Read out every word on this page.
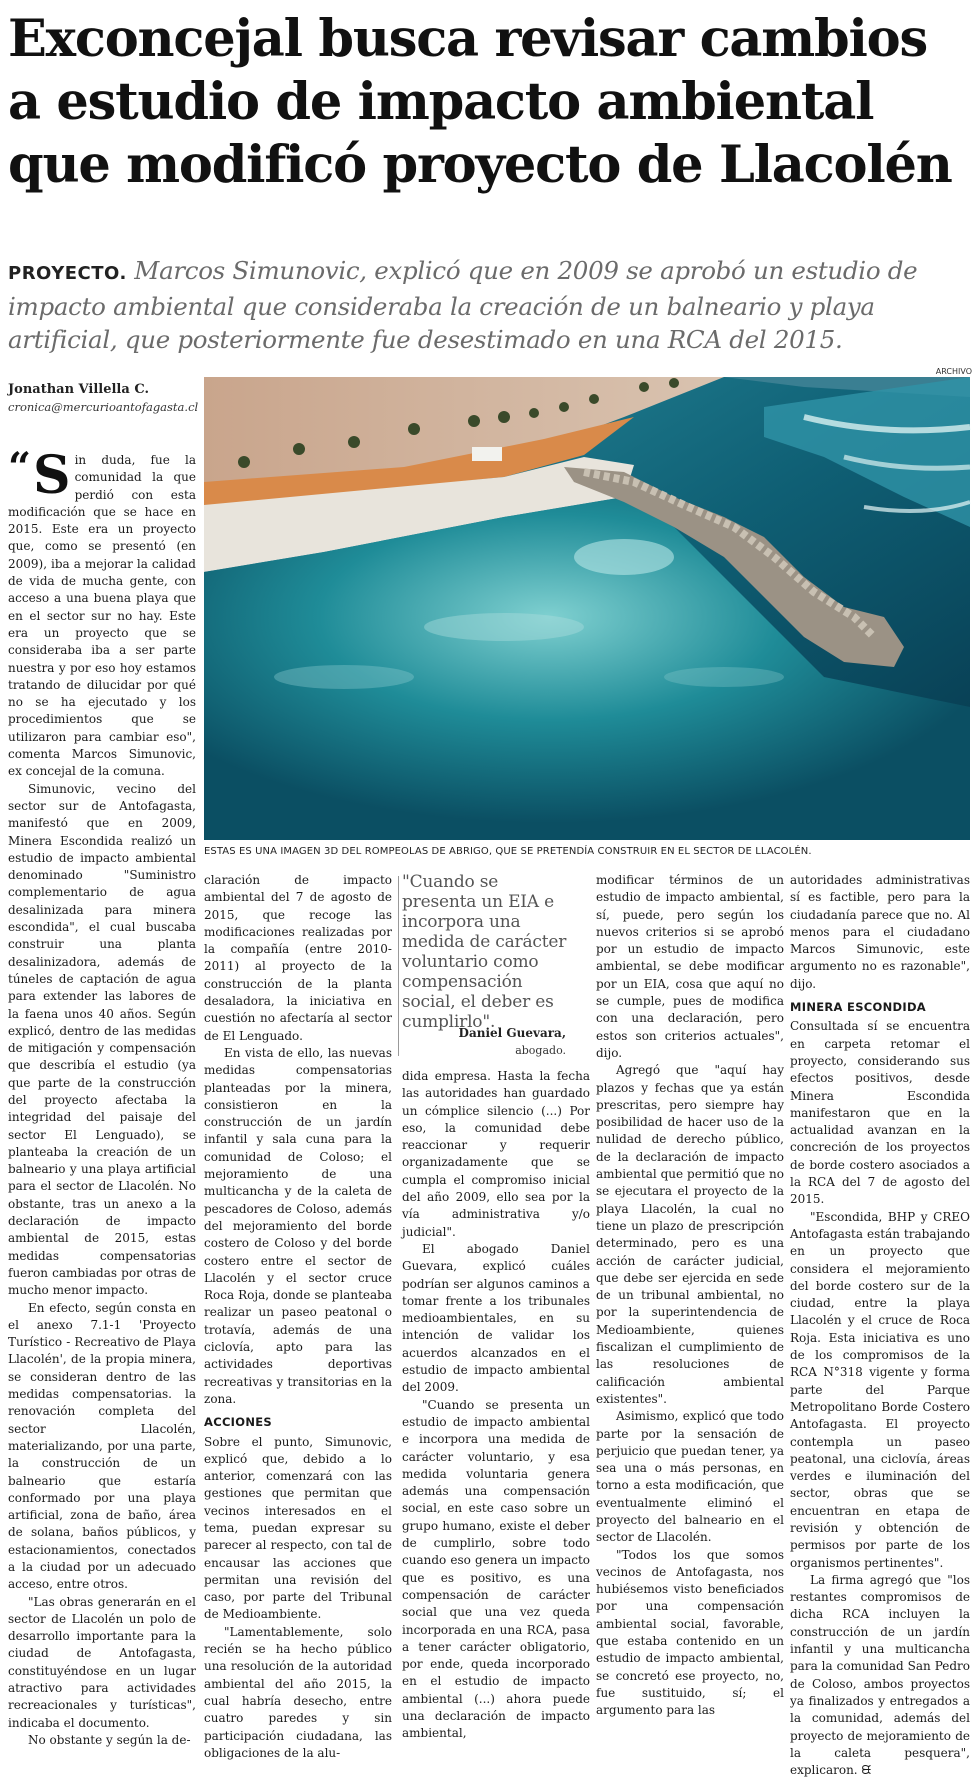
Exconcejal busca revisar cambios
a estudio de impacto ambiental
que modificó proyecto de Llacolén
PROYECTO. Marcos Simunovic, explicó que en 2009 se aprobó un estudio de impacto ambiental que consideraba la creación de un balneario y playa artificial, que posteriormente fue desestimado en una RCA del 2015.
Jonathan Villella C.
cronica@mercurioantofagasta.cl
ARCHIVO
ESTAS ES UNA IMAGEN 3D DEL ROMPEOLAS DE ABRIGO, QUE SE PRETENDÍA CONSTRUIR EN EL SECTOR DE LLACOLÉN.

“ S in duda, fue la comunidad la que perdió con esta modificación que se hace en 2015. Este era un proyecto que, como se presentó (en 2009), iba a mejorar la calidad de vida de mucha gente, con acceso a una buena playa que en el sector sur no hay. Este era un proyecto que se consideraba iba a ser parte nuestra y por eso hoy estamos tratando de dilucidar por qué no se ha ejecutado y los procedimientos que se utilizaron para cambiar eso", comenta Marcos Simunovic, ex concejal de la comuna.

Simunovic, vecino del sector sur de Antofagasta, manifestó que en 2009, Minera Escondida realizó un estudio de impacto ambiental denominado "Suministro complementario de agua desalinizada para minera escondida", el cual buscaba construir una planta desalinizadora, además de túneles de captación de agua para extender las labores de la faena unos 40 años. Según explicó, dentro de las medidas de mitigación y compensación que describía el estudio (ya que parte de la construcción del proyecto afectaba la integridad del paisaje del sector El Lenguado), se planteaba la creación de un balneario y una playa artificial para el sector de Llacolén. No obstante, tras un anexo a la declaración de impacto ambiental de 2015, estas medidas compensatorias fueron cambiadas por otras de mucho menor impacto.

En efecto, según consta en el anexo 7.1-1 'Proyecto Turístico - Recreativo de Playa Llacolén', de la propia minera, se consideran dentro de las medidas compensatorias. la renovación completa del sector Llacolén, materializando, por una parte, la construcción de un balneario que estaría conformado por una playa artificial, zona de baño, área de solana, baños públicos, y estacionamientos, conectados a la ciudad por un adecuado acceso, entre otros.

"Las obras generarán en el sector de Llacolén un polo de desarrollo importante para la ciudad de Antofagasta, constituyéndose en un lugar atractivo para actividades recreacionales y turísticas", indicaba el documento.

No obstante y según la de-

claración de impacto ambiental del 7 de agosto de 2015, que recoge las modificaciones realizadas por la compañía (entre 2010-2011) al proyecto de la construcción de la planta desaladora, la iniciativa en cuestión no afectaría al sector de El Lenguado.

En vista de ello, las nuevas medidas compensatorias planteadas por la minera, consistieron en la construcción de un jardín infantil y sala cuna para la comunidad de Coloso; el mejoramiento de una multicancha y de la caleta de pescadores de Coloso, además del mejoramiento del borde costero de Coloso y del borde costero entre el sector de Llacolén y el sector cruce Roca Roja, donde se planteaba realizar un paseo peatonal o trotavía, además de una ciclovía, apto para las actividades deportivas recreativas y transitorias en la zona.

ACCIONES

Sobre el punto, Simunovic, explicó que, debido a lo anterior, comenzará con las gestiones que permitan que vecinos interesados en el tema, puedan expresar su parecer al respecto, con tal de encausar las acciones que permitan una revisión del caso, por parte del Tribunal de Medioambiente.

"Lamentablemente, solo recién se ha hecho público una resolución de la autoridad ambiental del año 2015, la cual habría desecho, entre cuatro paredes y sin participación ciudadana, las obligaciones de la alu-

"Cuando se presenta un EIA e incorpora una medida de carácter voluntario como compensación social, el deber es cumplirlo".
Daniel Guevara,
abogado.

dida empresa. Hasta la fecha las autoridades han guardado un cómplice silencio (...) Por eso, la comunidad debe reaccionar y requerir organizadamente que se cumpla el compromiso inicial del año 2009, ello sea por la vía administrativa y/o judicial".

El abogado Daniel Guevara, explicó cuáles podrían ser algunos caminos a tomar frente a los tribunales medioambientales, en su intención de validar los acuerdos alcanzados en el estudio de impacto ambiental del 2009.

"Cuando se presenta un estudio de impacto ambiental e incorpora una medida de carácter voluntario, y esa medida voluntaria genera además una compensación social, en este caso sobre un grupo humano, existe el deber de cumplirlo, sobre todo cuando eso genera un impacto que es positivo, es una compensación de carácter social que una vez queda incorporada en una RCA, pasa a tener carácter obligatorio, por ende, queda incorporado en el estudio de impacto ambiental (...) ahora puede una declaración de impacto ambiental,

modificar términos de un estudio de impacto ambiental, sí, puede, pero según los nuevos criterios si se aprobó por un estudio de impacto ambiental, se debe modificar por un EIA, cosa que aquí no se cumple, pues de modifica con una declaración, pero estos son criterios actuales", dijo.

Agregó que "aquí hay plazos y fechas que ya están prescritas, pero siempre hay posibilidad de hacer uso de la nulidad de derecho público, de la declaración de impacto ambiental que permitió que no se ejecutara el proyecto de la playa Llacolén, la cual no tiene un plazo de prescripción determinado, pero es una acción de carácter judicial, que debe ser ejercida en sede de un tribunal ambiental, no por la superintendencia de Medioambiente, quienes fiscalizan el cumplimiento de las resoluciones de calificación ambiental existentes".

Asimismo, explicó que todo parte por la sensación de perjuicio que puedan tener, ya sea una o más personas, en torno a esta modificación, que eventualmente eliminó el proyecto del balneario en el sector de Llacolén.

"Todos los que somos vecinos de Antofagasta, nos hubiésemos visto beneficiados por una compensación ambiental social, favorable, que estaba contenido en un estudio de impacto ambiental, se concretó ese proyecto, no, fue sustituido, sí; el argumento para las

autoridades administrativas sí es factible, pero para la ciudadanía parece que no. Al menos para el ciudadano Marcos Simunovic, este argumento no es razonable", dijo.

MINERA ESCONDIDA

Consultada sí se encuentra en carpeta retomar el proyecto, considerando sus efectos positivos, desde Minera Escondida manifestaron que en la actualidad avanzan en la concreción de los proyectos de borde costero asociados a la RCA del 7 de agosto del 2015.

"Escondida, BHP y CREO Antofagasta están trabajando en un proyecto que considera el mejoramiento del borde costero sur de la ciudad, entre la playa Llacolén y el cruce de Roca Roja. Esta iniciativa es uno de los compromisos de la RCA N°318 vigente y forma parte del Parque Metropolitano Borde Costero Antofagasta. El proyecto contempla un paseo peatonal, una ciclovía, áreas verdes e iluminación del sector, obras que se encuentran en etapa de revisión y obtención de permisos por parte de los organismos pertinentes".

La firma agregó que "los restantes compromisos de dicha RCA incluyen la construcción de un jardín infantil y una multicancha para la comunidad San Pedro de Coloso, ambos proyectos ya finalizados y entregados a la comunidad, además del proyecto de mejoramiento de la caleta pesquera", explicaron. ᙙ
